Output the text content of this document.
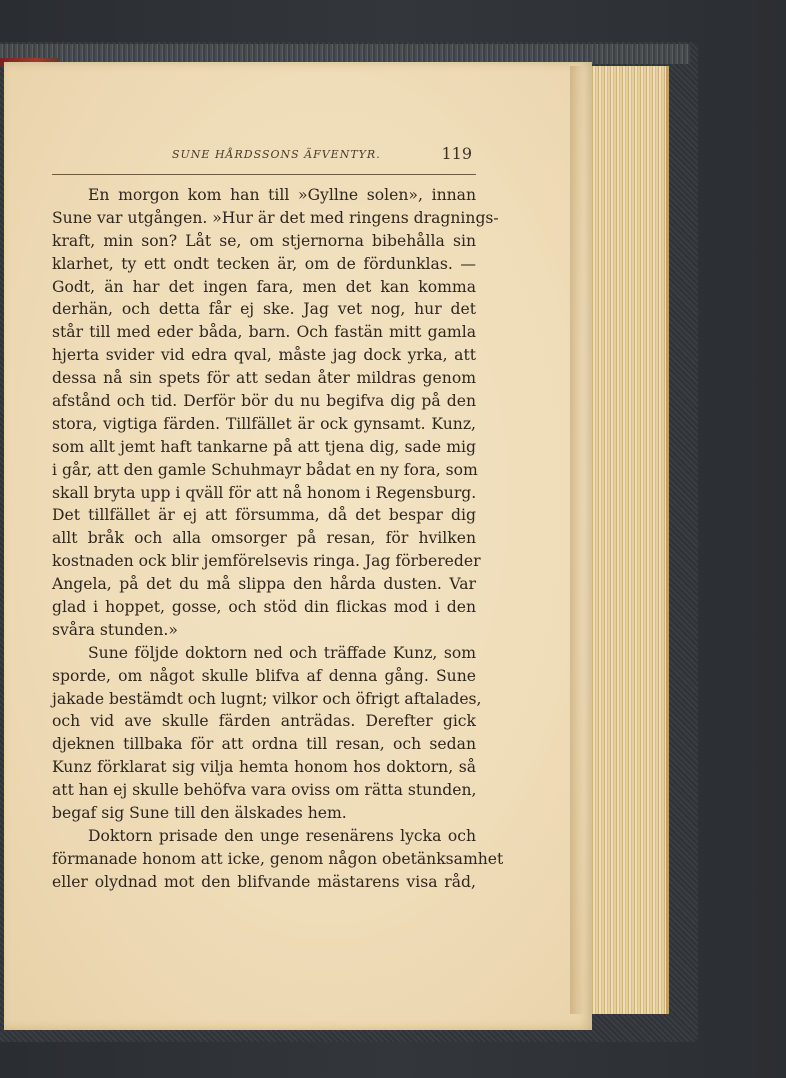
SUNE HÅRDSSONS ÄFVENTYR.	119
En morgon kom han till »Gyllne solen», innan
Sune var utgången. »Hur är det med ringens dragnings-
kraft, min son? Låt se, om stjernorna bibehålla sin
klarhet, ty ett ondt tecken är, om de fördunklas. —
Godt, än har det ingen fara, men det kan komma
derhän, och detta får ej ske. Jag vet nog, hur det
står till med eder båda, barn. Och fastän mitt gamla
hjerta svider vid edra qval, måste jag dock yrka, att
dessa nå sin spets för att sedan åter mildras genom
afstånd och tid. Derför bör du nu begifva dig på den
stora, vigtiga färden. Tillfället är ock gynsamt. Kunz,
som allt jemt haft tankarne på att tjena dig, sade mig
i går, att den gamle Schuhmayr bådat en ny fora, som
skall bryta upp i qväll för att nå honom i Regensburg.
Det tillfället är ej att försumma, då det bespar dig
allt bråk och alla omsorger på resan, för hvilken
kostnaden ock blir jemförelsevis ringa. Jag förbereder
Angela, på det du må slippa den hårda dusten. Var
glad i hoppet, gosse, och stöd din flickas mod i den
svåra stunden.»
Sune följde doktorn ned och träffade Kunz, som
sporde, om något skulle blifva af denna gång. Sune
jakade bestämdt och lugnt; vilkor och öfrigt aftalades,
och vid ave skulle färden anträdas. Derefter gick
djeknen tillbaka för att ordna till resan, och sedan
Kunz förklarat sig vilja hemta honom hos doktorn, så
att han ej skulle behöfva vara oviss om rätta stunden,
begaf sig Sune till den älskades hem.
Doktorn prisade den unge resenärens lycka och
förmanade honom att icke, genom någon obetänksamhet
eller olydnad mot den blifvande mästarens visa råd,
